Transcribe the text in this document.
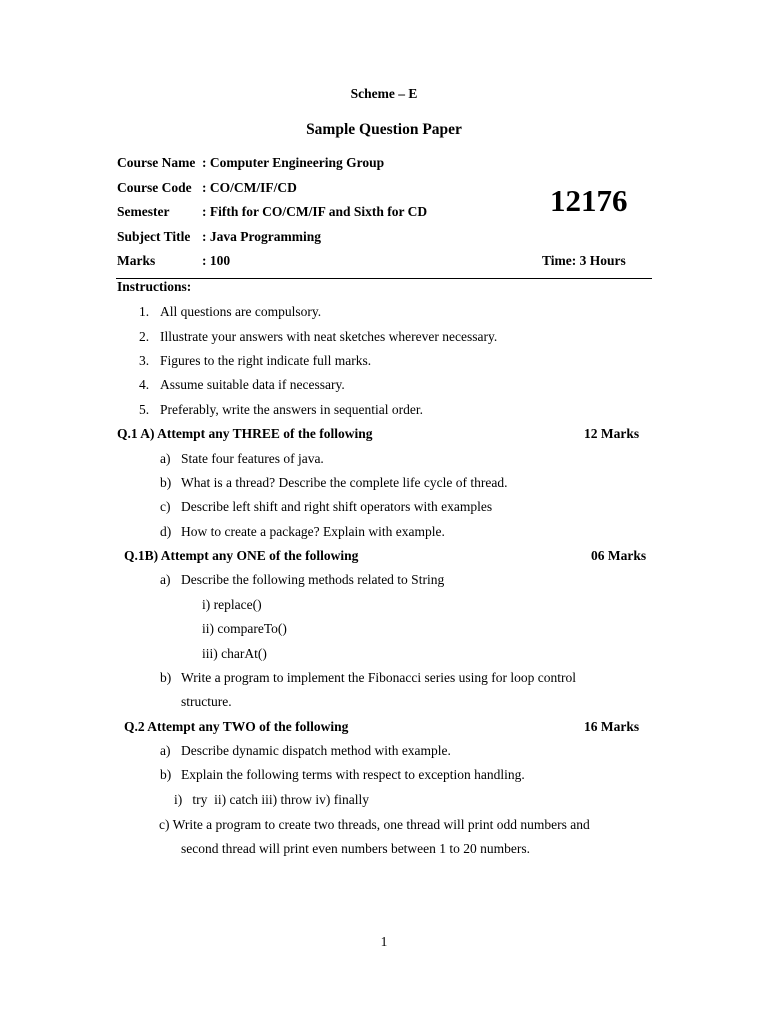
Scheme – E
Sample Question Paper
Course Name : Computer Engineering Group
Course Code : CO/CM/IF/CD
Semester : Fifth for CO/CM/IF and Sixth for CD
Subject Title : Java Programming
Marks	: 100
12176
Time: 3 Hours
Instructions:
1. All questions are compulsory.
2. Illustrate your answers with neat sketches wherever necessary.
3. Figures to the right indicate full marks.
4. Assume suitable data if necessary.
5. Preferably, write the answers in sequential order.
Q.1 A) Attempt any THREE of the following	12 Marks
a) State four features of java.
b) What is a thread? Describe the complete life cycle of thread.
c) Describe left shift and right shift operators with examples
d) How to create a package? Explain with example.
Q.1B) Attempt any ONE of the following	06 Marks
a) Describe the following methods related to String
i) replace()
ii) compareTo()
iii) charAt()
b) Write a program to implement the Fibonacci series using for loop control
structure.
Q.2 Attempt any TWO of the following	16 Marks
a) Describe dynamic dispatch method with example.
b) Explain the following terms with respect to exception handling.
i)   try  ii) catch iii) throw iv) finally
c) Write a program to create two threads, one thread will print odd numbers and
second thread will print even numbers between 1 to 20 numbers.
1
